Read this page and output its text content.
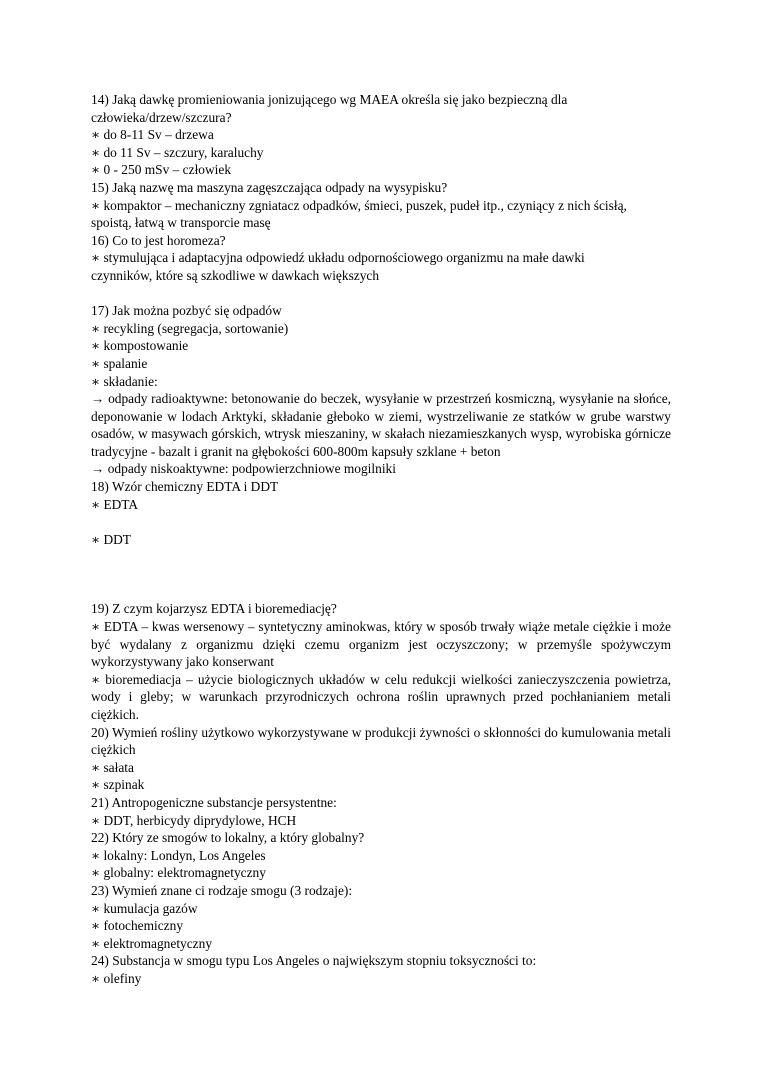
14) Jaką dawkę promieniowania jonizującego wg MAEA określa się jako bezpieczną dla
człowieka/drzew/szczura?
∗ do 8-11 Sv – drzewa
∗ do 11 Sv – szczury, karaluchy
∗ 0 - 250 mSv – człowiek
15) Jaką nazwę ma maszyna zagęszczająca odpady na wysypisku?
∗ kompaktor – mechaniczny zgniatacz odpadków, śmieci, puszek, pudeł itp., czyniący z nich ścisłą,
spoistą, łatwą w transporcie masę
16) Co to jest horomeza?
∗ stymulująca i adaptacyjna odpowiedź układu odpornościowego organizmu na małe dawki
czynników, które są szkodliwe w dawkach większych
17) Jak można pozbyć się odpadów
∗ recykling (segregacja, sortowanie)
∗ kompostowanie
∗ spalanie
∗ składanie:
→ odpady radioaktywne: betonowanie do beczek, wysyłanie w przestrzeń kosmiczną, wysyłanie na słońce, deponowanie w lodach Arktyki, składanie głeboko w ziemi, wystrzeliwanie ze statków w grube warstwy osadów, w masywach górskich, wtrysk mieszaniny, w skałach niezamieszkanych wysp, wyrobiska górnicze tradycyjne - bazalt i granit na głębokości 600-800m kapsuły szklane + beton
→ odpady niskoaktywne: podpowierzchniowe mogilniki
18) Wzór chemiczny EDTA i DDT
∗ EDTA
∗ DDT
19) Z czym kojarzysz EDTA i bioremediację?
∗ EDTA – kwas wersenowy – syntetyczny aminokwas, który w sposób trwały wiąże metale ciężkie i może być wydalany z organizmu dzięki czemu organizm jest oczyszczony; w przemyśle spożywczym wykorzystywany jako konserwant
∗ bioremediacja – użycie biologicznych układów w celu redukcji wielkości zanieczyszczenia powietrza, wody i gleby; w warunkach przyrodniczych ochrona roślin uprawnych przed pochłanianiem metali ciężkich.
20) Wymień rośliny użytkowo wykorzystywane w produkcji żywności o skłonności do kumulowania metali ciężkich
∗ sałata
∗ szpinak
21) Antropogeniczne substancje persystentne:
∗ DDT, herbicydy diprydylowe, HCH
22) Który ze smogów to lokalny, a który globalny?
∗ lokalny: Londyn, Los Angeles
∗ globalny: elektromagnetyczny
23) Wymień znane ci rodzaje smogu (3 rodzaje):
∗ kumulacja gazów
∗ fotochemiczny
∗ elektromagnetyczny
24) Substancja w smogu typu Los Angeles o największym stopniu toksyczności to:
∗ olefiny
